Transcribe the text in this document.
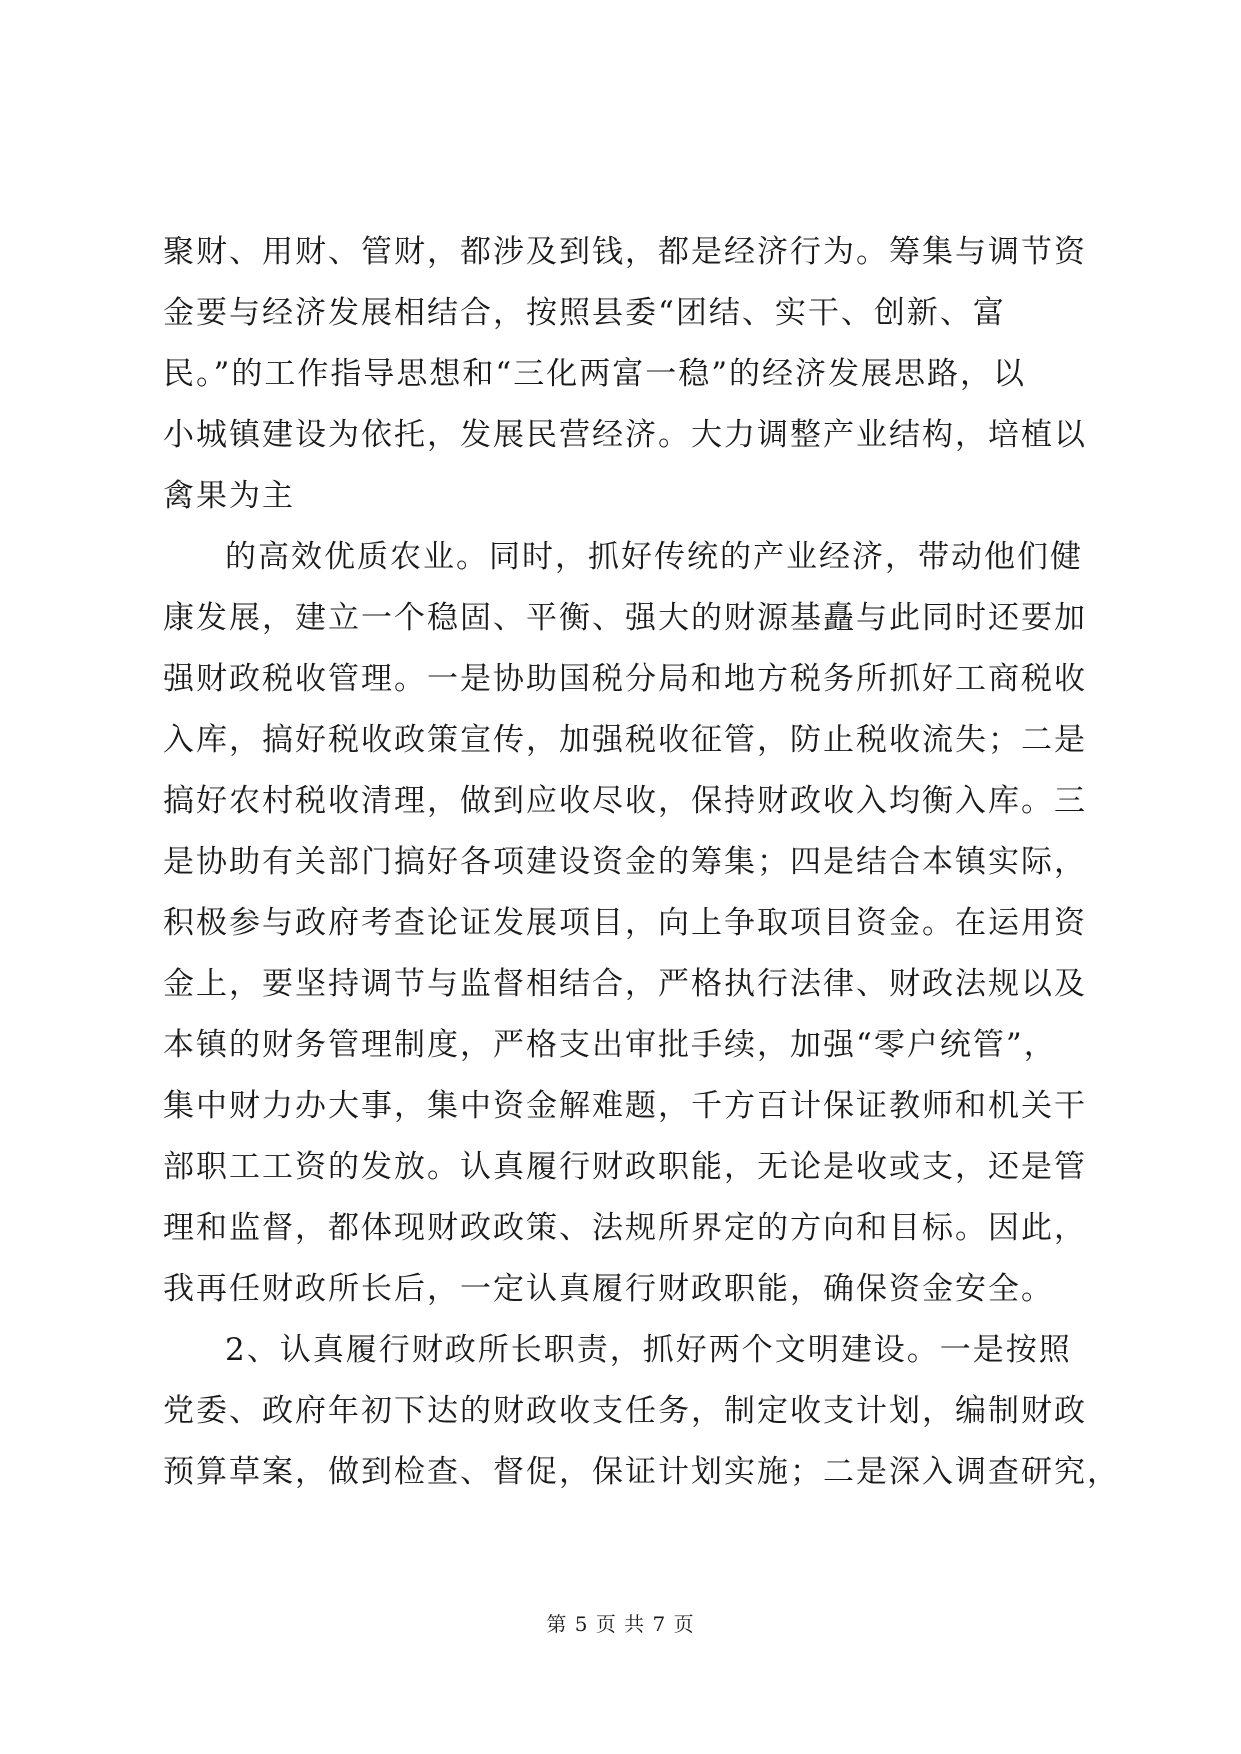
聚财、用财、管财，都涉及到钱，都是经济行为。筹集与调节资
金要与经济发展相结合，按照县委“团结、实干、创新、富
民。”的工作指导思想和“三化两富一稳”的经济发展思路，以
小城镇建设为依托，发展民营经济。大力调整产业结构，培植以
禽果为主
的高效优质农业。同时，抓好传统的产业经济，带动他们健
康发展，建立一个稳固、平衡、强大的财源基矗与此同时还要加
强财政税收管理。一是协助国税分局和地方税务所抓好工商税收
入库，搞好税收政策宣传，加强税收征管，防止税收流失；二是
搞好农村税收清理，做到应收尽收，保持财政收入均衡入库。三
是协助有关部门搞好各项建设资金的筹集；四是结合本镇实际，
积极参与政府考查论证发展项目，向上争取项目资金。在运用资
金上，要坚持调节与监督相结合，严格执行法律、财政法规以及
本镇的财务管理制度，严格支出审批手续，加强“零户统管”，
集中财力办大事，集中资金解难题，千方百计保证教师和机关干
部职工工资的发放。认真履行财政职能，无论是收或支，还是管
理和监督，都体现财政政策、法规所界定的方向和目标。因此，
我再任财政所长后，一定认真履行财政职能，确保资金安全。
2、认真履行财政所长职责，抓好两个文明建设。一是按照
党委、政府年初下达的财政收支任务，制定收支计划，编制财政
预算草案，做到检查、督促，保证计划实施；二是深入调查研究，
第 5 页 共 7 页
